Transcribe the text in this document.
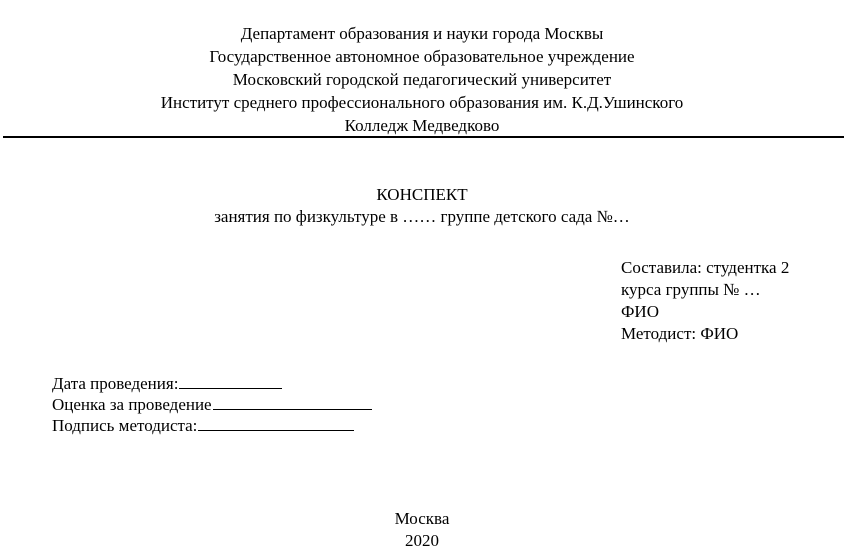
Департамент образования и науки города Москвы
Государственное автономное образовательное учреждение
Московский городской педагогический университет
Институт среднего профессионального образования им. К.Д.Ушинского
Колледж Медведково
КОНСПЕКТ
занятия по физкультуре в …… группе детского сада №…
Составила: студентка 2
курса группы № …
ФИО
Методист: ФИО
Дата проведения:
Оценка за проведение
Подпись методиста:
Москва
2020
